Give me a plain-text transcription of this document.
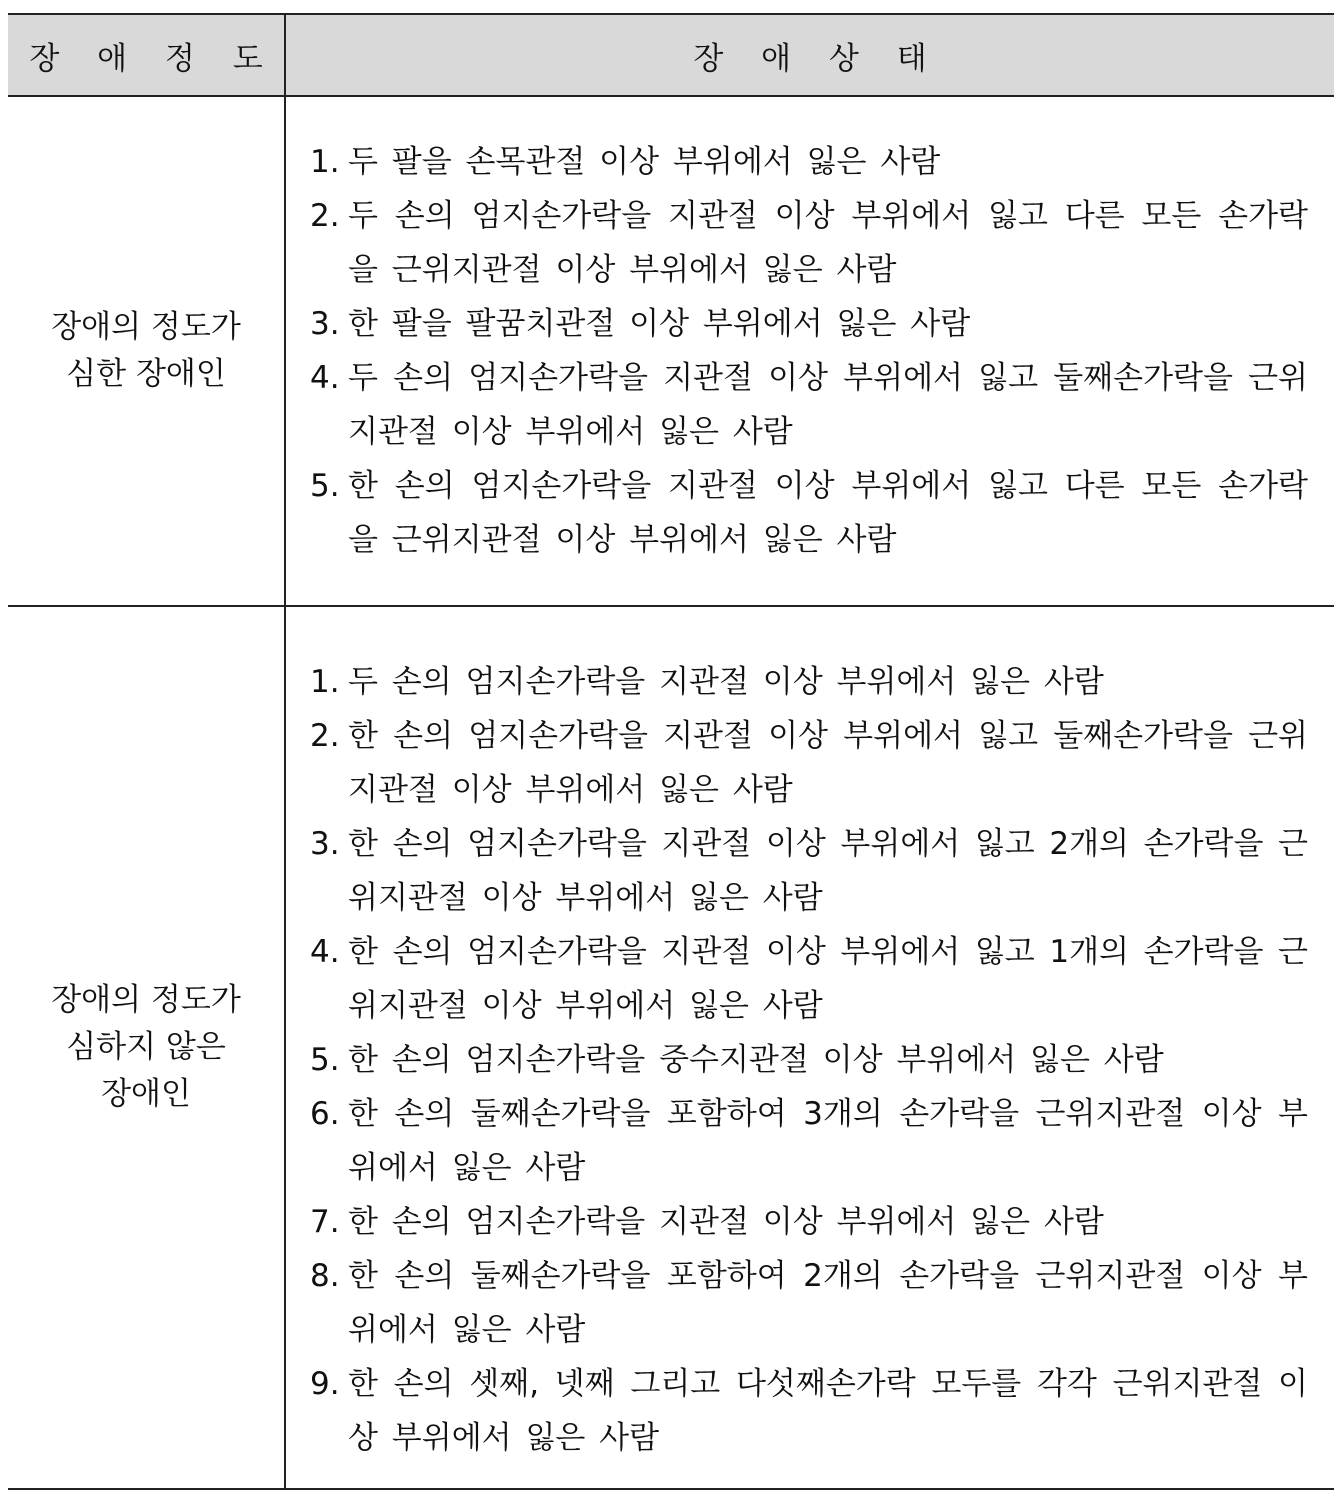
장 애 정 도	장 애 상 태
장애의 정도가
심한 장애인
1. 두 팔을 손목관절 이상 부위에서 잃은 사람
2. 두 손의 엄지손가락을 지관절 이상 부위에서 잃고 다른 모든 손가락을 근위지관절 이상 부위에서 잃은 사람
3. 한 팔을 팔꿈치관절 이상 부위에서 잃은 사람
4. 두 손의 엄지손가락을 지관절 이상 부위에서 잃고 둘째손가락을 근위지관절 이상 부위에서 잃은 사람
5. 한 손의 엄지손가락을 지관절 이상 부위에서 잃고 다른 모든 손가락을 근위지관절 이상 부위에서 잃은 사람
장애의 정도가
심하지 않은
장애인
1. 두 손의 엄지손가락을 지관절 이상 부위에서 잃은 사람
2. 한 손의 엄지손가락을 지관절 이상 부위에서 잃고 둘째손가락을 근위지관절 이상 부위에서 잃은 사람
3. 한 손의 엄지손가락을 지관절 이상 부위에서 잃고 2개의 손가락을 근위지관절 이상 부위에서 잃은 사람
4. 한 손의 엄지손가락을 지관절 이상 부위에서 잃고 1개의 손가락을 근위지관절 이상 부위에서 잃은 사람
5. 한 손의 엄지손가락을 중수지관절 이상 부위에서 잃은 사람
6. 한 손의 둘째손가락을 포함하여 3개의 손가락을 근위지관절 이상 부위에서 잃은 사람
7. 한 손의 엄지손가락을 지관절 이상 부위에서 잃은 사람
8. 한 손의 둘째손가락을 포함하여 2개의 손가락을 근위지관절 이상 부위에서 잃은 사람
9. 한 손의 셋째, 넷째 그리고 다섯째손가락 모두를 각각 근위지관절 이상 부위에서 잃은 사람
